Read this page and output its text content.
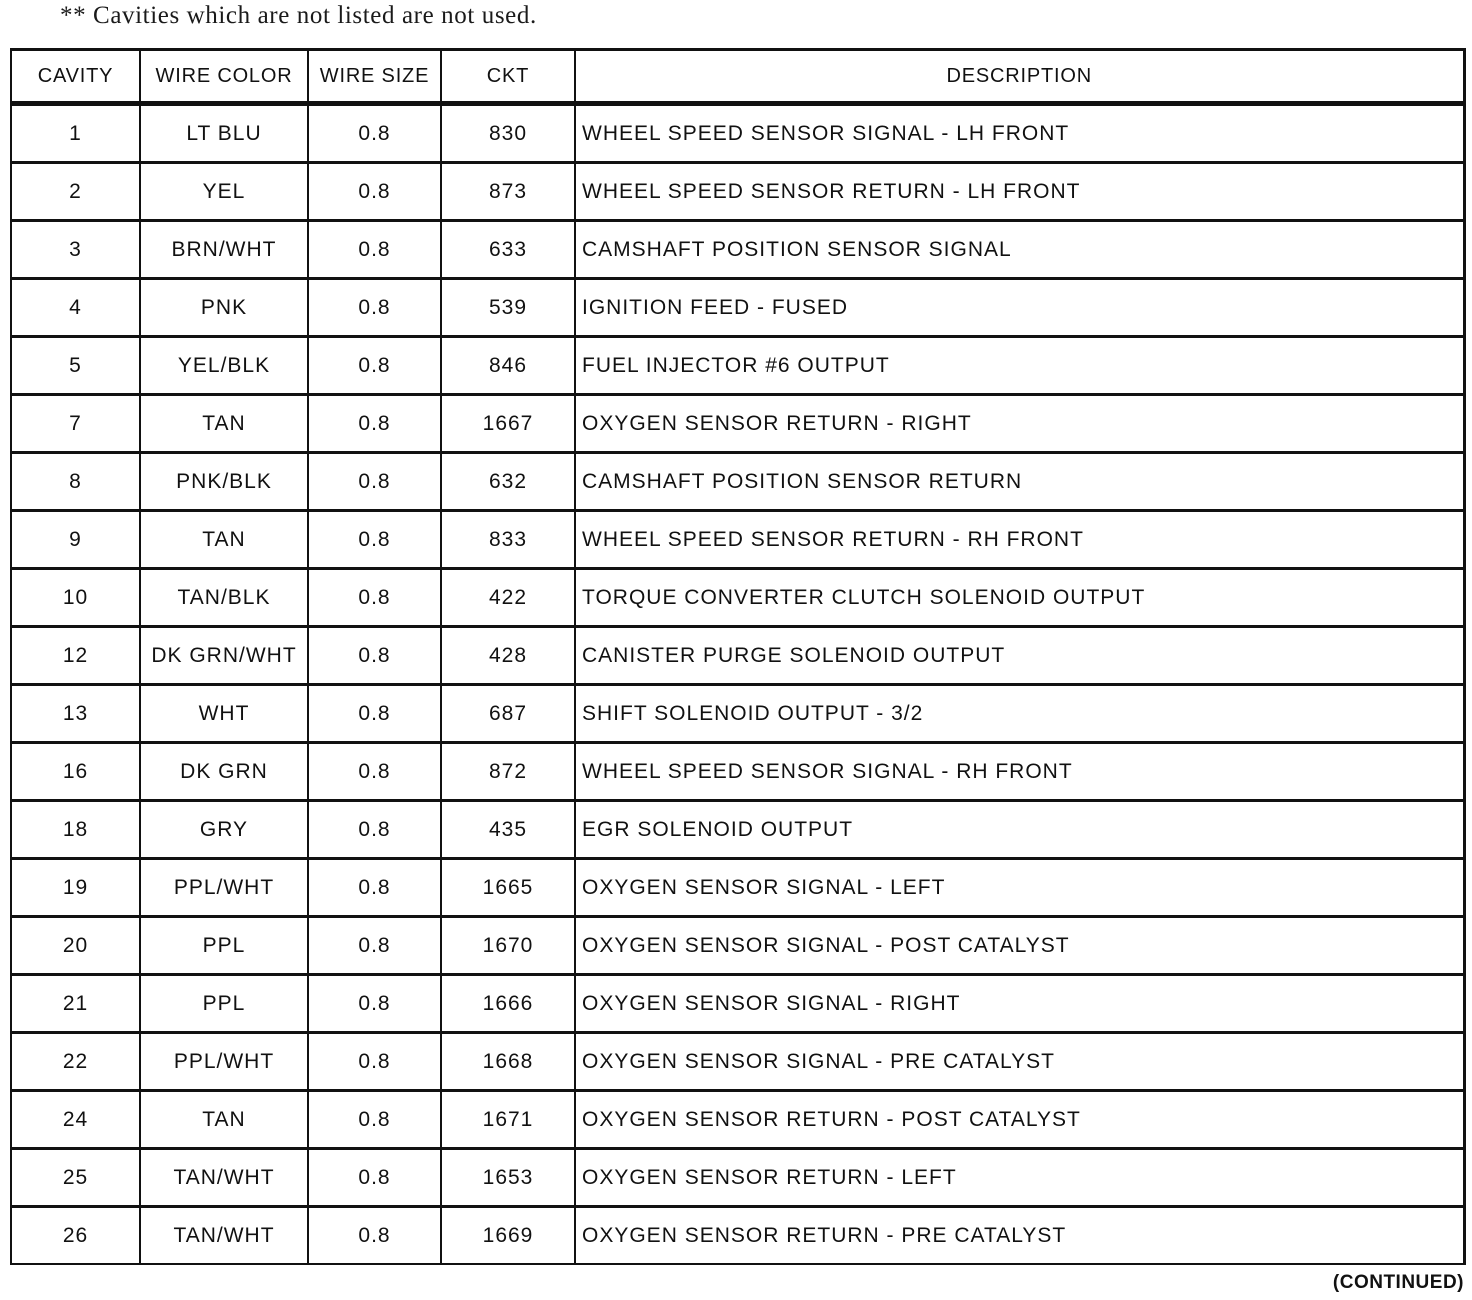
** Cavities which are not listed are not used.
CAVITY	WIRE COLOR	WIRE SIZE	CKT	DESCRIPTION
1	LT BLU	0.8	830	WHEEL SPEED SENSOR SIGNAL - LH FRONT
2	YEL	0.8	873	WHEEL SPEED SENSOR RETURN - LH FRONT
3	BRN/WHT	0.8	633	CAMSHAFT POSITION SENSOR SIGNAL
4	PNK	0.8	539	IGNITION FEED - FUSED
5	YEL/BLK	0.8	846	FUEL INJECTOR #6 OUTPUT
7	TAN	0.8	1667	OXYGEN SENSOR RETURN - RIGHT
8	PNK/BLK	0.8	632	CAMSHAFT POSITION SENSOR RETURN
9	TAN	0.8	833	WHEEL SPEED SENSOR RETURN - RH FRONT
10	TAN/BLK	0.8	422	TORQUE CONVERTER CLUTCH SOLENOID OUTPUT
12	DK GRN/WHT	0.8	428	CANISTER PURGE SOLENOID OUTPUT
13	WHT	0.8	687	SHIFT SOLENOID OUTPUT - 3/2
16	DK GRN	0.8	872	WHEEL SPEED SENSOR SIGNAL - RH FRONT
18	GRY	0.8	435	EGR SOLENOID OUTPUT
19	PPL/WHT	0.8	1665	OXYGEN SENSOR SIGNAL - LEFT
20	PPL	0.8	1670	OXYGEN SENSOR SIGNAL - POST CATALYST
21	PPL	0.8	1666	OXYGEN SENSOR SIGNAL - RIGHT
22	PPL/WHT	0.8	1668	OXYGEN SENSOR SIGNAL - PRE CATALYST
24	TAN	0.8	1671	OXYGEN SENSOR RETURN - POST CATALYST
25	TAN/WHT	0.8	1653	OXYGEN SENSOR RETURN - LEFT
26	TAN/WHT	0.8	1669	OXYGEN SENSOR RETURN - PRE CATALYST
(CONTINUED)
